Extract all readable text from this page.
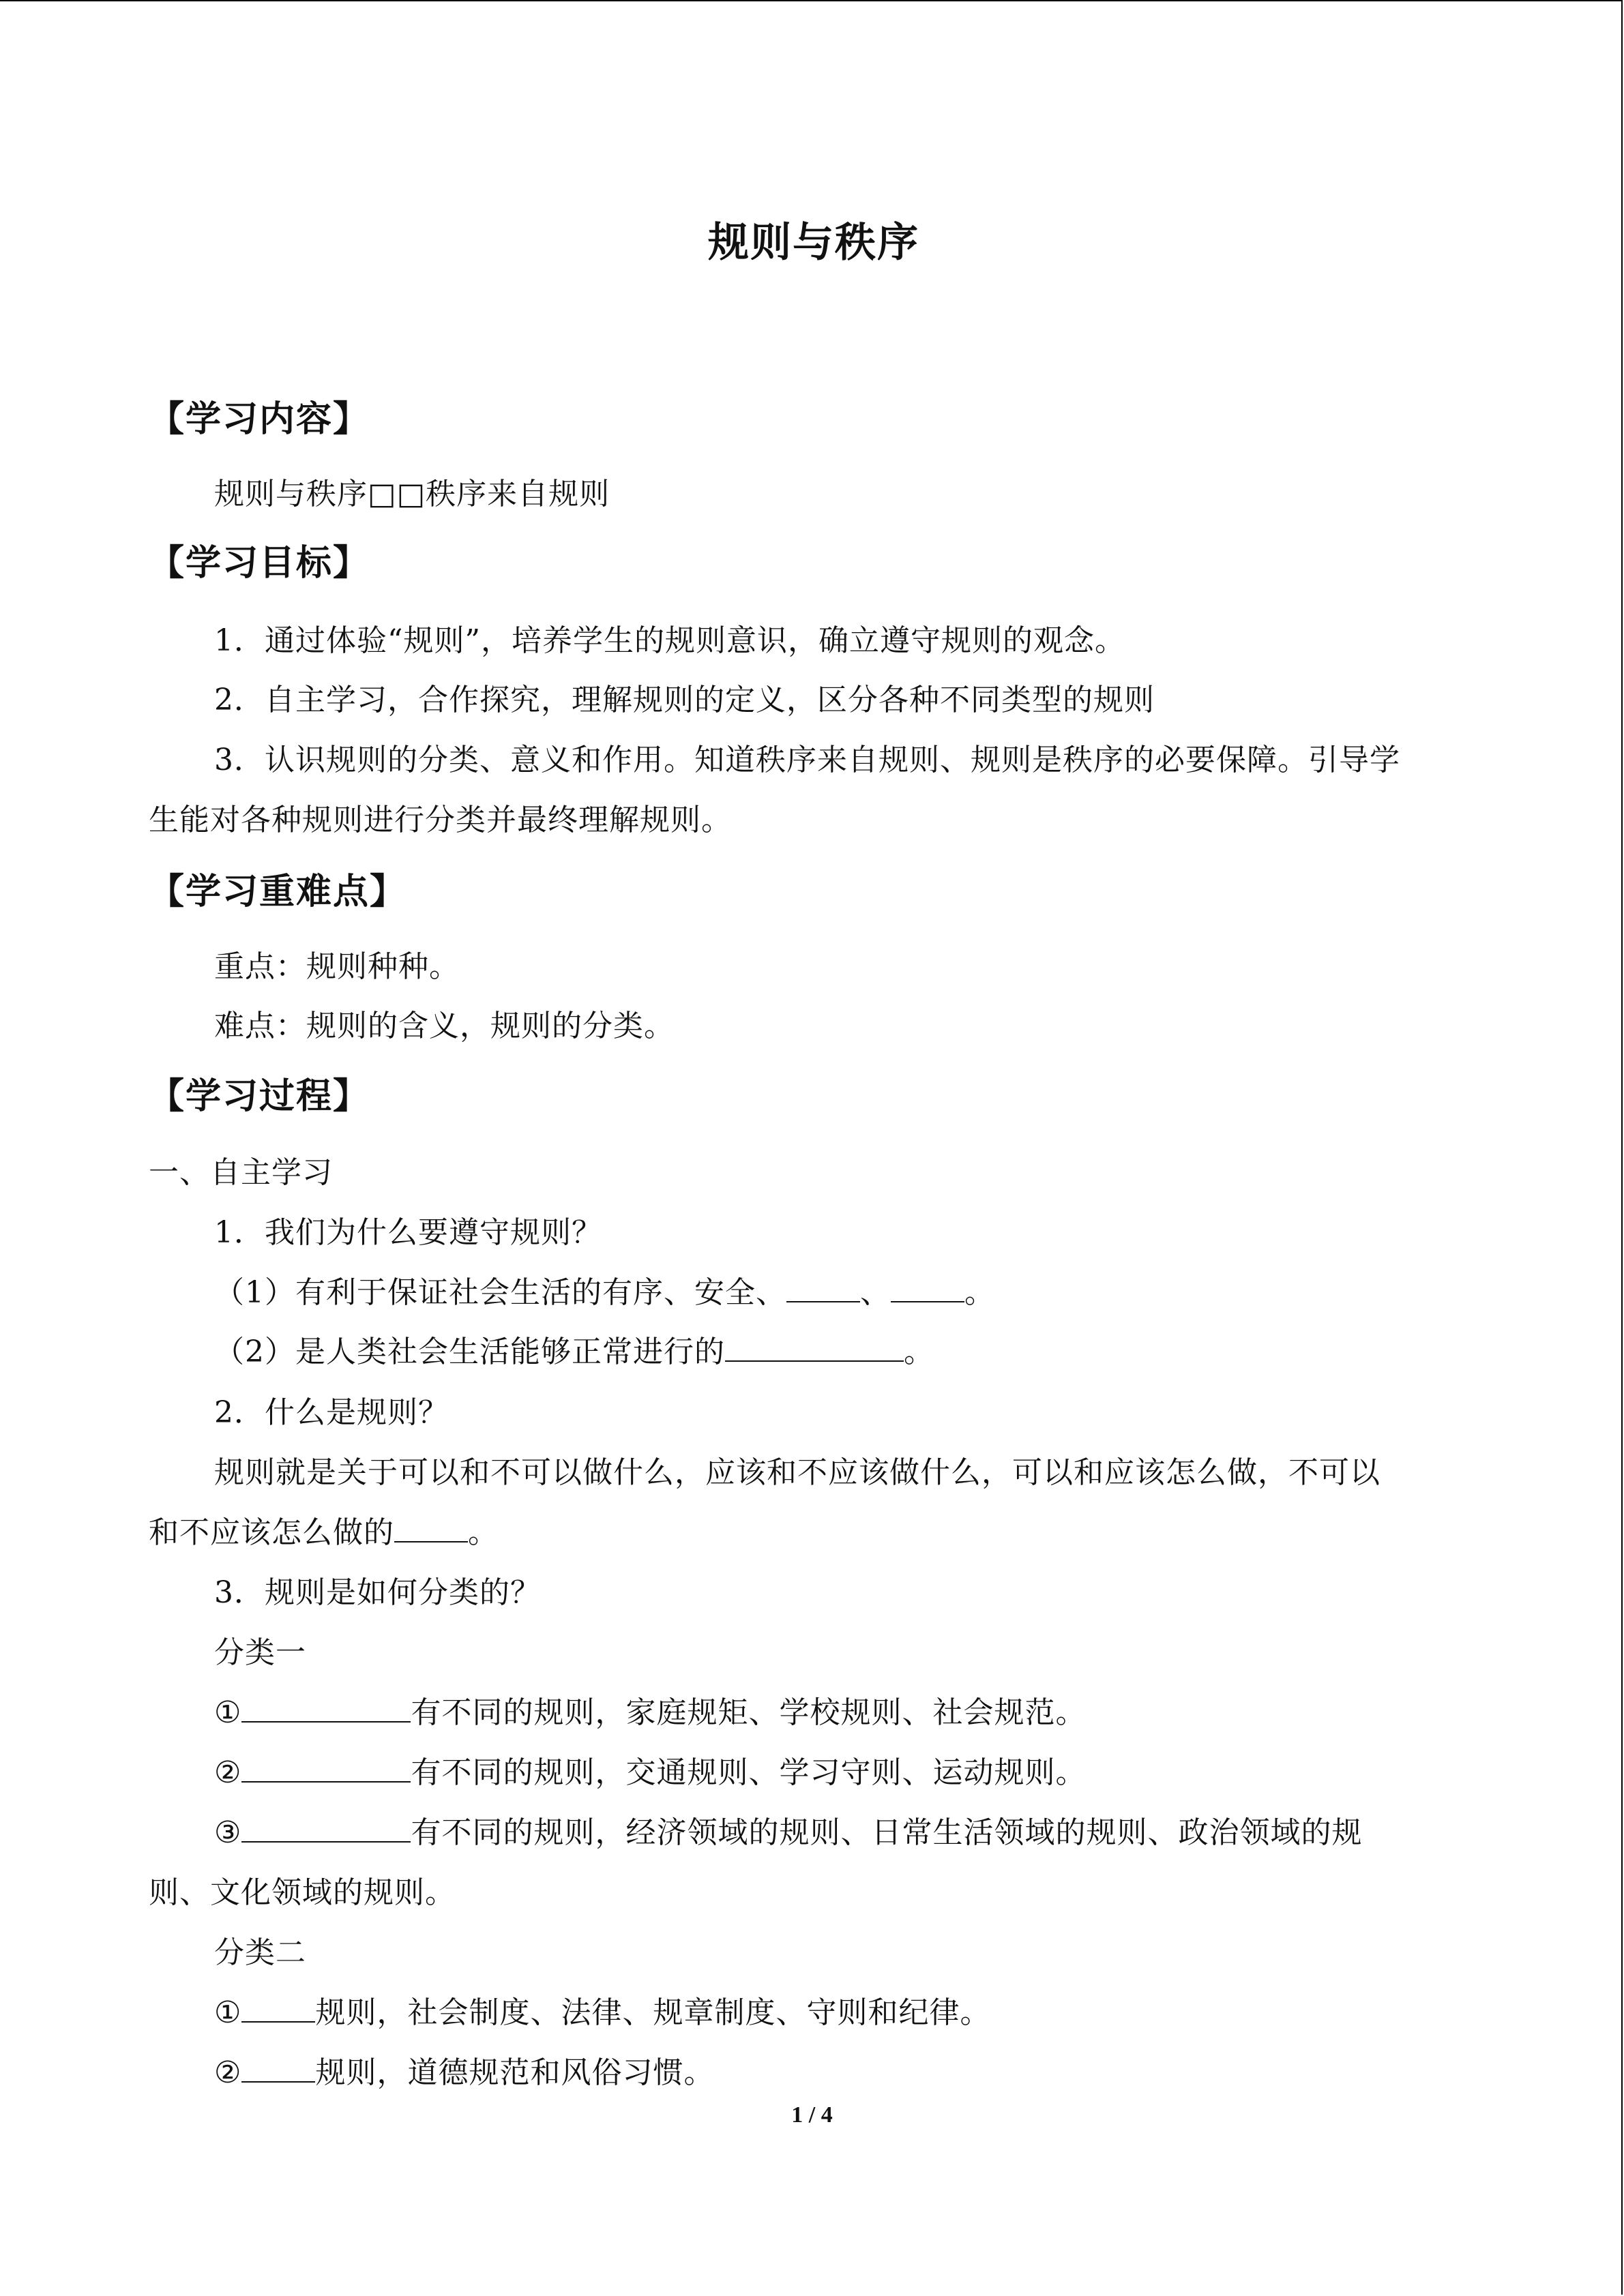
规则与秩序
【学习内容】
规则与秩序□□秩序来自规则
【学习目标】
1．通过体验“规则”，培养学生的规则意识，确立遵守规则的观念。
2．自主学习，合作探究，理解规则的定义，区分各种不同类型的规则
3．认识规则的分类、意义和作用。知道秩序来自规则、规则是秩序的必要保障。引导学
生能对各种规则进行分类并最终理解规则。
【学习重难点】
重点：规则种种。
难点：规则的含义，规则的分类。
【学习过程】
一、自主学习
1．我们为什么要遵守规则？
（1）有利于保证社会生活的有序、安全、 、 。
（2）是人类社会生活能够正常进行的	。
2．什么是规则？
规则就是关于可以和不可以做什么，应该和不应该做什么，可以和应该怎么做，不可以
和不应该怎么做的 。
3．规则是如何分类的？
分类一
①	有不同的规则，家庭规矩、学校规则、社会规范。
②	有不同的规则，交通规则、学习守则、运动规则。
③	有不同的规则，经济领域的规则、日常生活领域的规则、政治领域的规
则、文化领域的规则。
分类二
① 规则，社会制度、法律、规章制度、守则和纪律。
② 规则，道德规范和风俗习惯。
1 / 4
